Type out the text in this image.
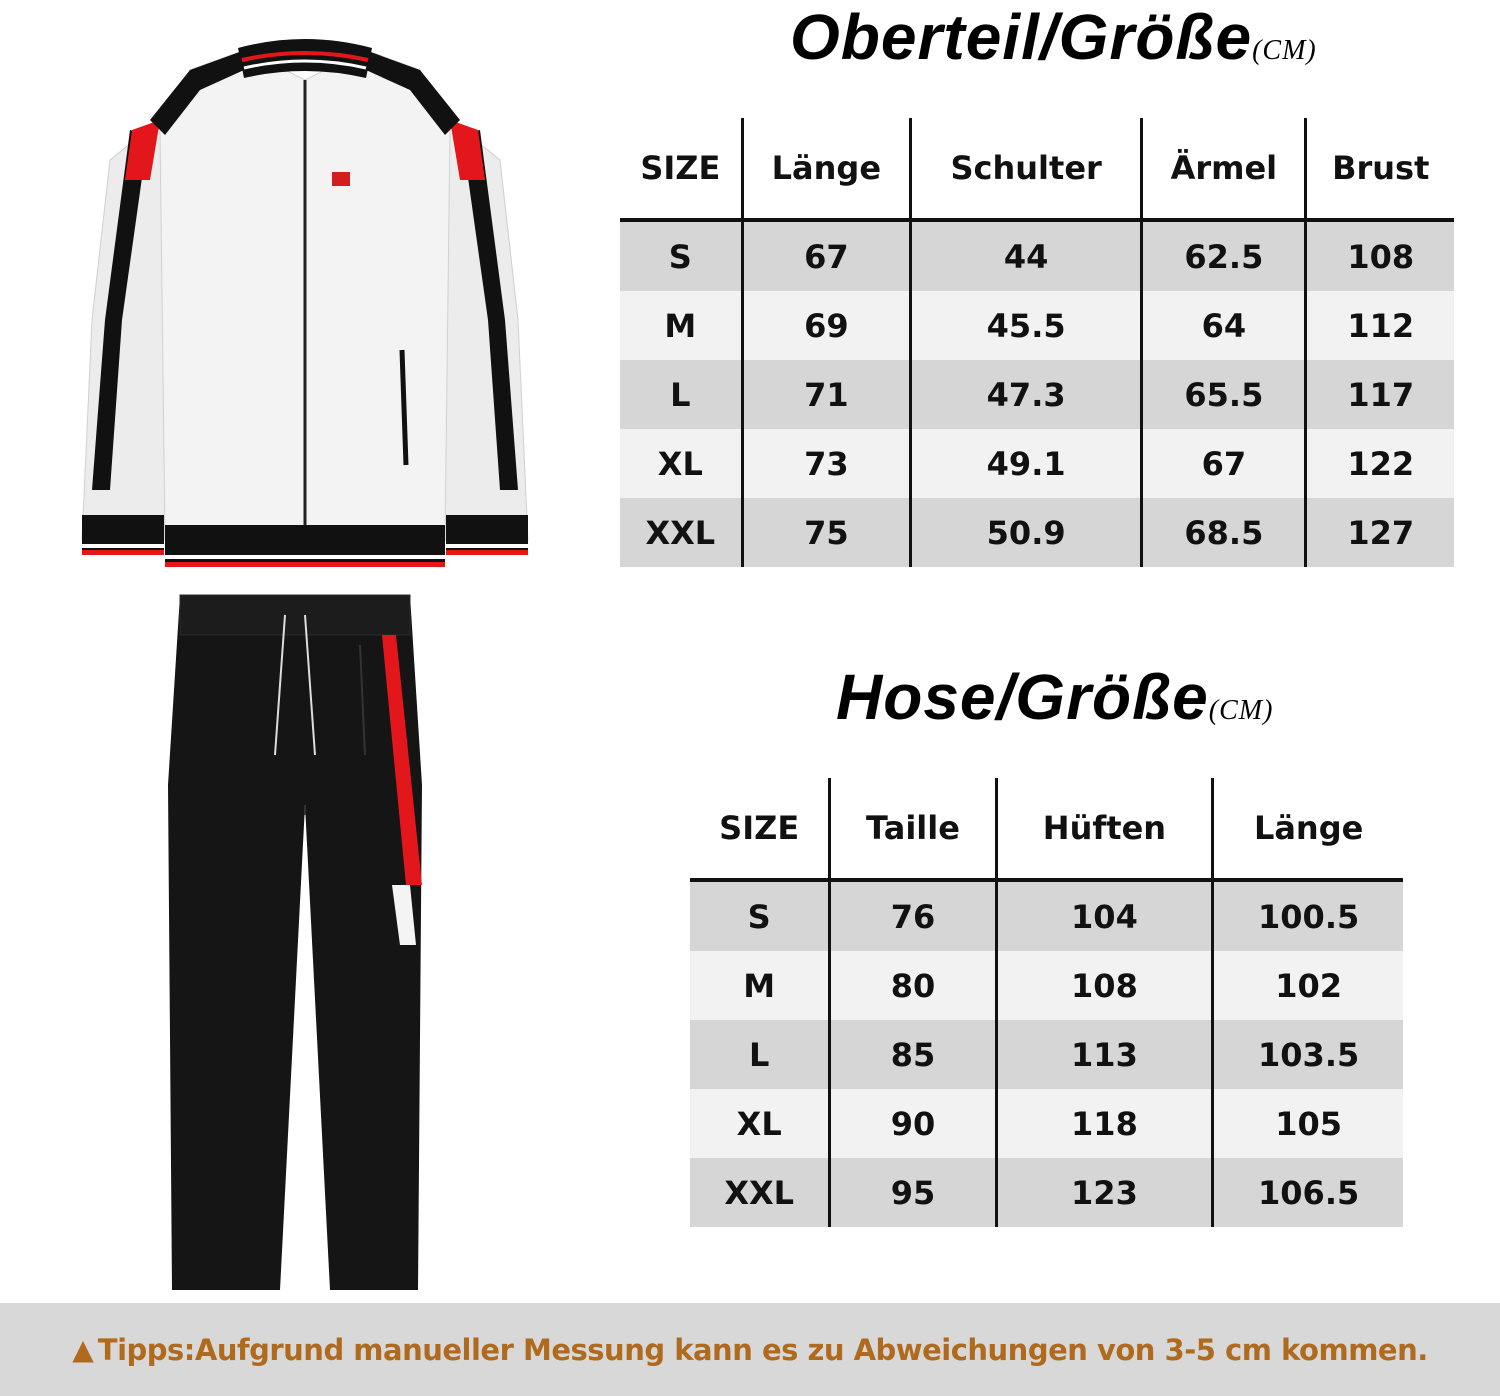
Oberteil/Größe(CM)
SIZE	Länge	Schulter	Ärmel	Brust
S	67	44	62.5	108
M	69	45.5	64	112
L	71	47.3	65.5	117
XL	73	49.1	67	122
XXL	75	50.9	68.5	127
Hose/Größe(CM)
SIZE	Taille	Hüften	Länge
S	76	104	100.5
M	80	108	102
L	85	113	103.5
XL	90	118	105
XXL	95	123	106.5
▲ Tipps:Aufgrund manueller Messung kann es zu Abweichungen von 3-5 cm kommen.
